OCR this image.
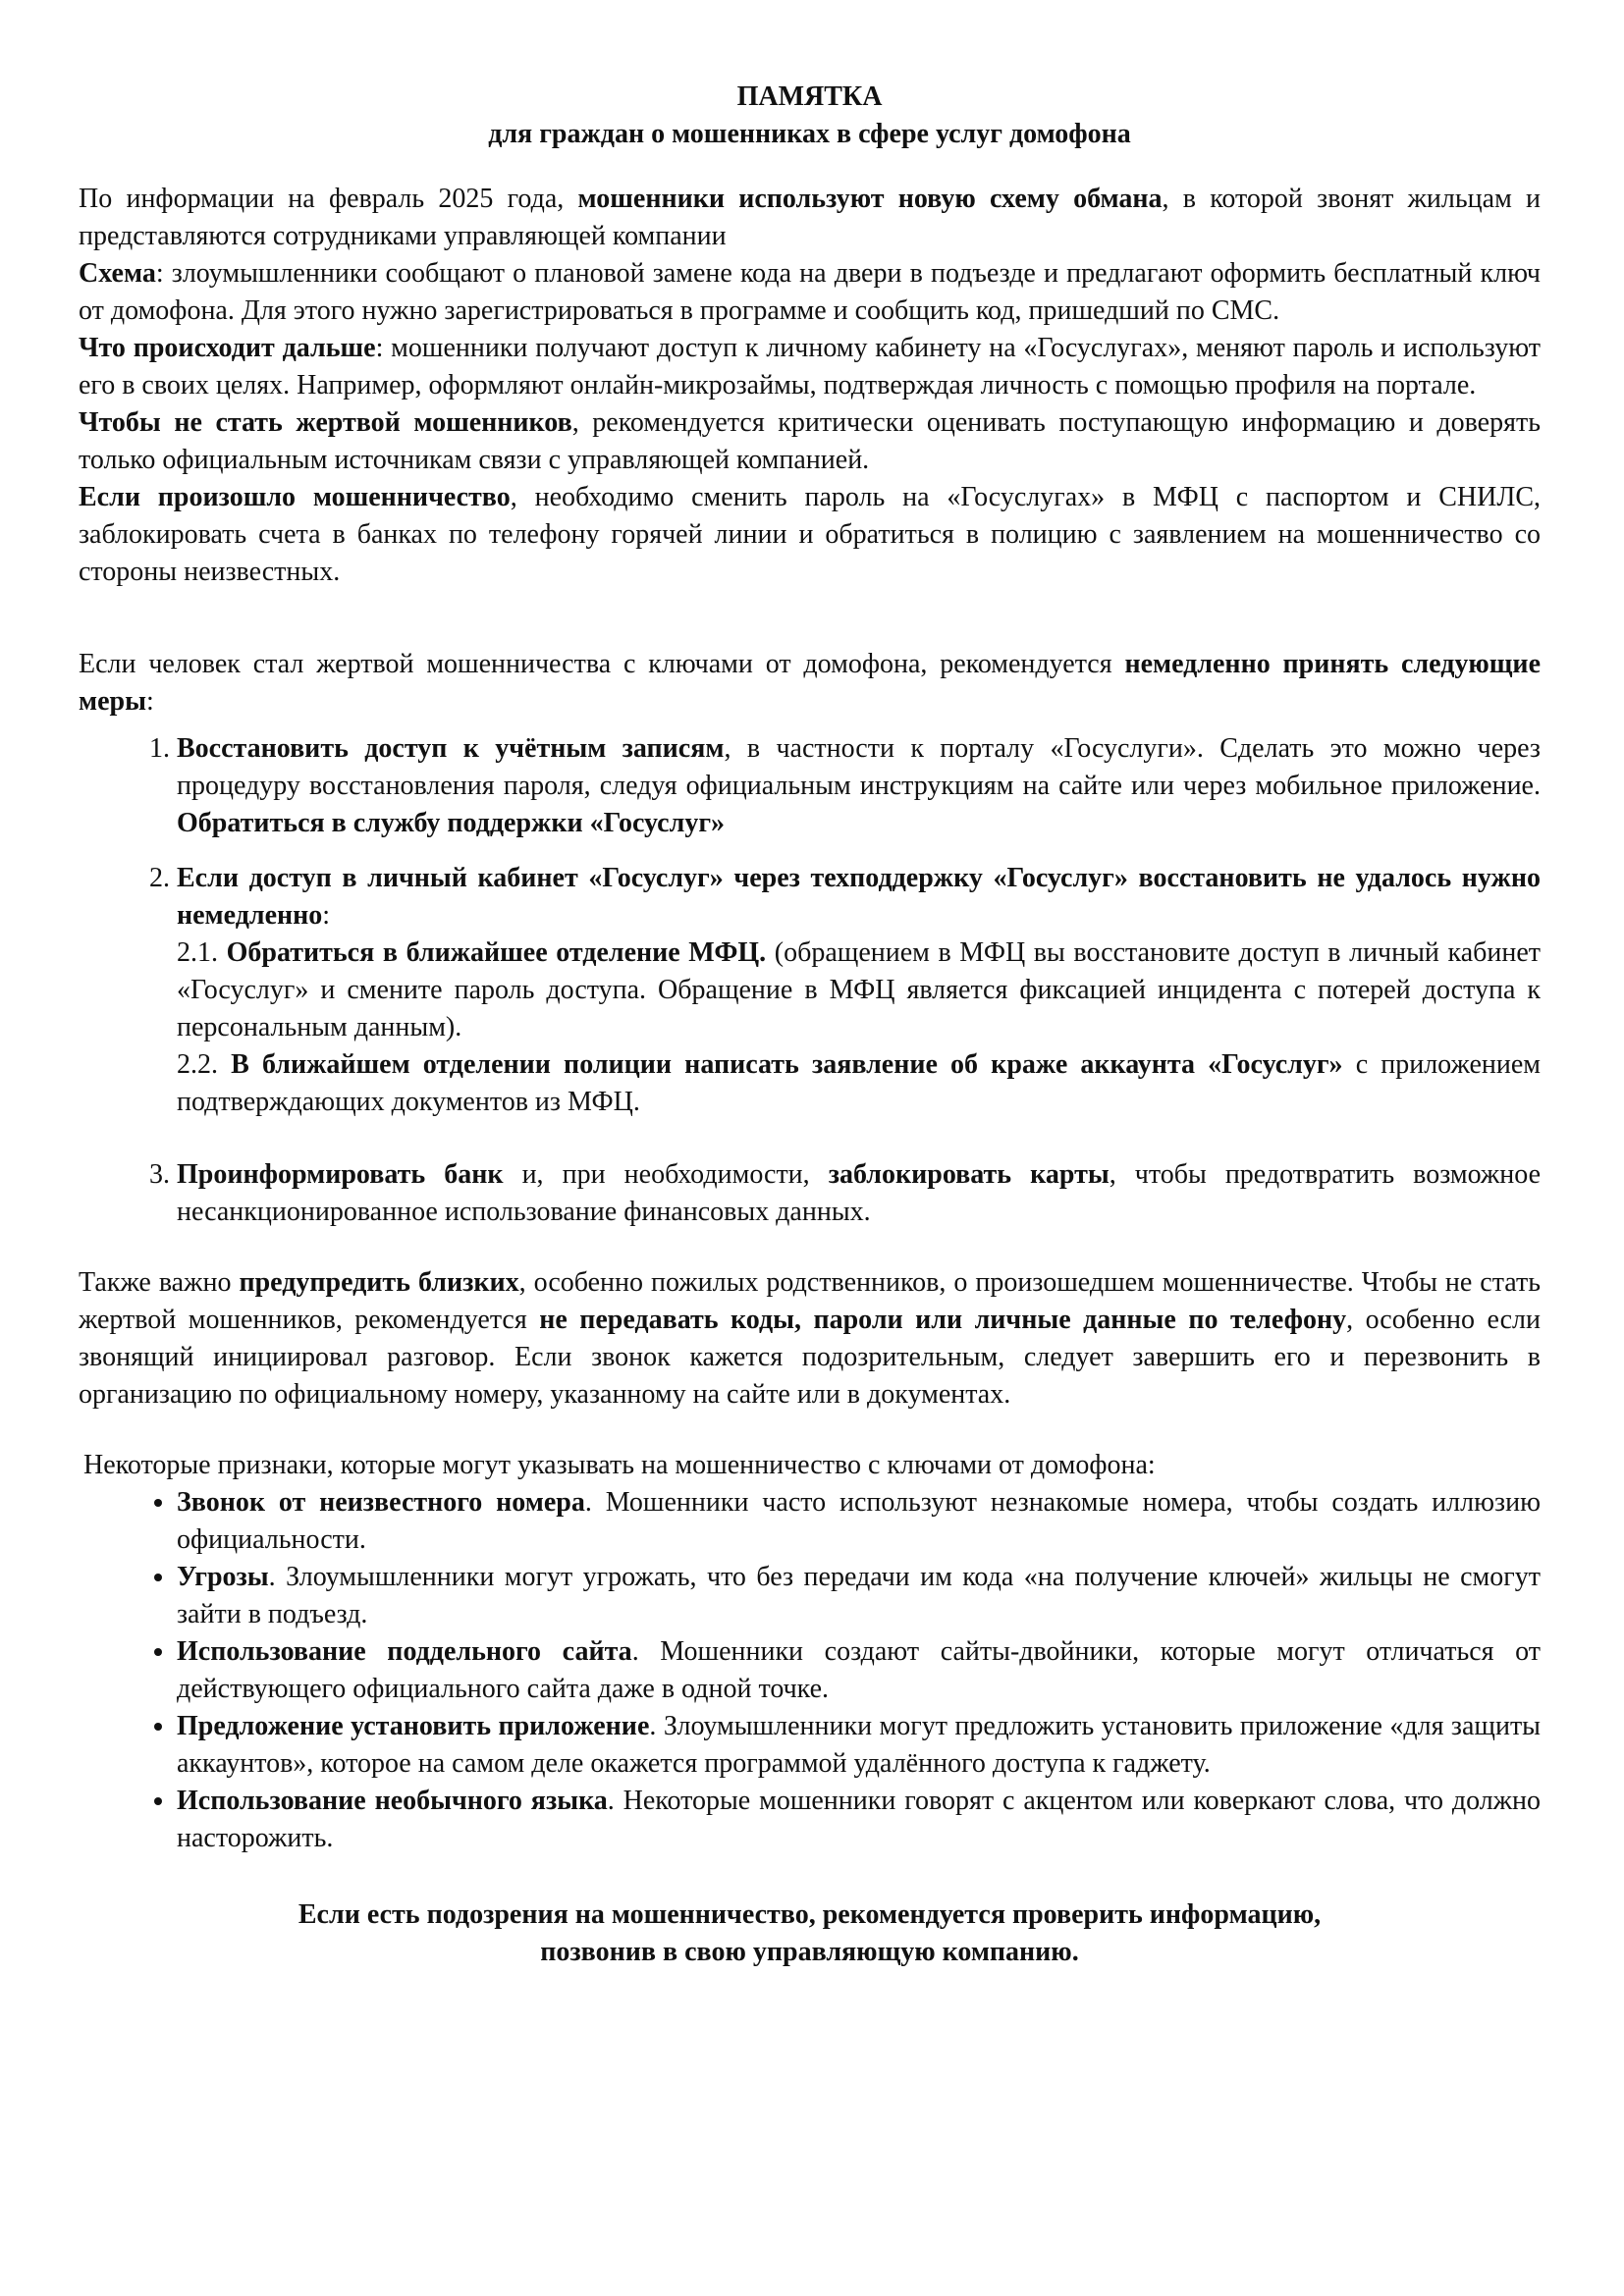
ПАМЯТКА

для граждан о мошенниках в сфере услуг домофона

По информации на февраль 2025 года, мошенники используют новую схему обмана, в которой звонят жильцам и представляются сотрудниками управляющей компании

Схема: злоумышленники сообщают о плановой замене кода на двери в подъезде и предлагают оформить бесплатный ключ от домофона. Для этого нужно зарегистрироваться в программе и сообщить код, пришедший по СМС.

Что происходит дальше: мошенники получают доступ к личному кабинету на «Госуслугах», меняют пароль и используют его в своих целях. Например, оформляют онлайн-микрозаймы, подтверждая личность с помощью профиля на портале.

Чтобы не стать жертвой мошенников, рекомендуется критически оценивать поступающую информацию и доверять только официальным источникам связи с управляющей компанией.

Если произошло мошенничество, необходимо сменить пароль на «Госуслугах» в МФЦ с паспортом и СНИЛС, заблокировать счета в банках по телефону горячей линии и обратиться в полицию с заявлением на мошенничество со стороны неизвестных.

Если человек стал жертвой мошенничества с ключами от домофона, рекомендуется немедленно принять следующие меры:

1. Восстановить доступ к учётным записям, в частности к порталу «Госуслуги». Сделать это можно через процедуру восстановления пароля, следуя официальным инструкциям на сайте или через мобильное приложение. Обратиться в службу поддержки «Госуслуг»
2. Если доступ в личный кабинет «Госуслуг» через техподдержку «Госуслуг» восстановить не удалось нужно немедленно:
2.1. Обратиться в ближайшее отделение МФЦ. (обращением в МФЦ вы восстановите доступ в личный кабинет «Госуслуг» и смените пароль доступа. Обращение в МФЦ является фиксацией инцидента с потерей доступа к персональным данным).
2.2. В ближайшем отделении полиции написать заявление об краже аккаунта «Госуслуг» с приложением подтверждающих документов из МФЦ.
3. Проинформировать банк и, при необходимости, заблокировать карты, чтобы предотвратить возможное несанкционированное использование финансовых данных.

Также важно предупредить близких, особенно пожилых родственников, о произошедшем мошенничестве. Чтобы не стать жертвой мошенников, рекомендуется не передавать коды, пароли или личные данные по телефону, особенно если звонящий инициировал разговор. Если звонок кажется подозрительным, следует завершить его и перезвонить в организацию по официальному номеру, указанному на сайте или в документах.

Некоторые признаки, которые могут указывать на мошенничество с ключами от домофона:

• Звонок от неизвестного номера. Мошенники часто используют незнакомые номера, чтобы создать иллюзию официальности.
• Угрозы. Злоумышленники могут угрожать, что без передачи им кода «на получение ключей» жильцы не смогут зайти в подъезд.
• Использование поддельного сайта. Мошенники создают сайты-двойники, которые могут отличаться от действующего официального сайта даже в одной точке.
• Предложение установить приложение. Злоумышленники могут предложить установить приложение «для защиты аккаунтов», которое на самом деле окажется программой удалённого доступа к гаджету.
• Использование необычного языка. Некоторые мошенники говорят с акцентом или коверкают слова, что должно насторожить.
Если есть подозрения на мошенничество, рекомендуется проверить информацию,
позвонив в свою управляющую компанию.
